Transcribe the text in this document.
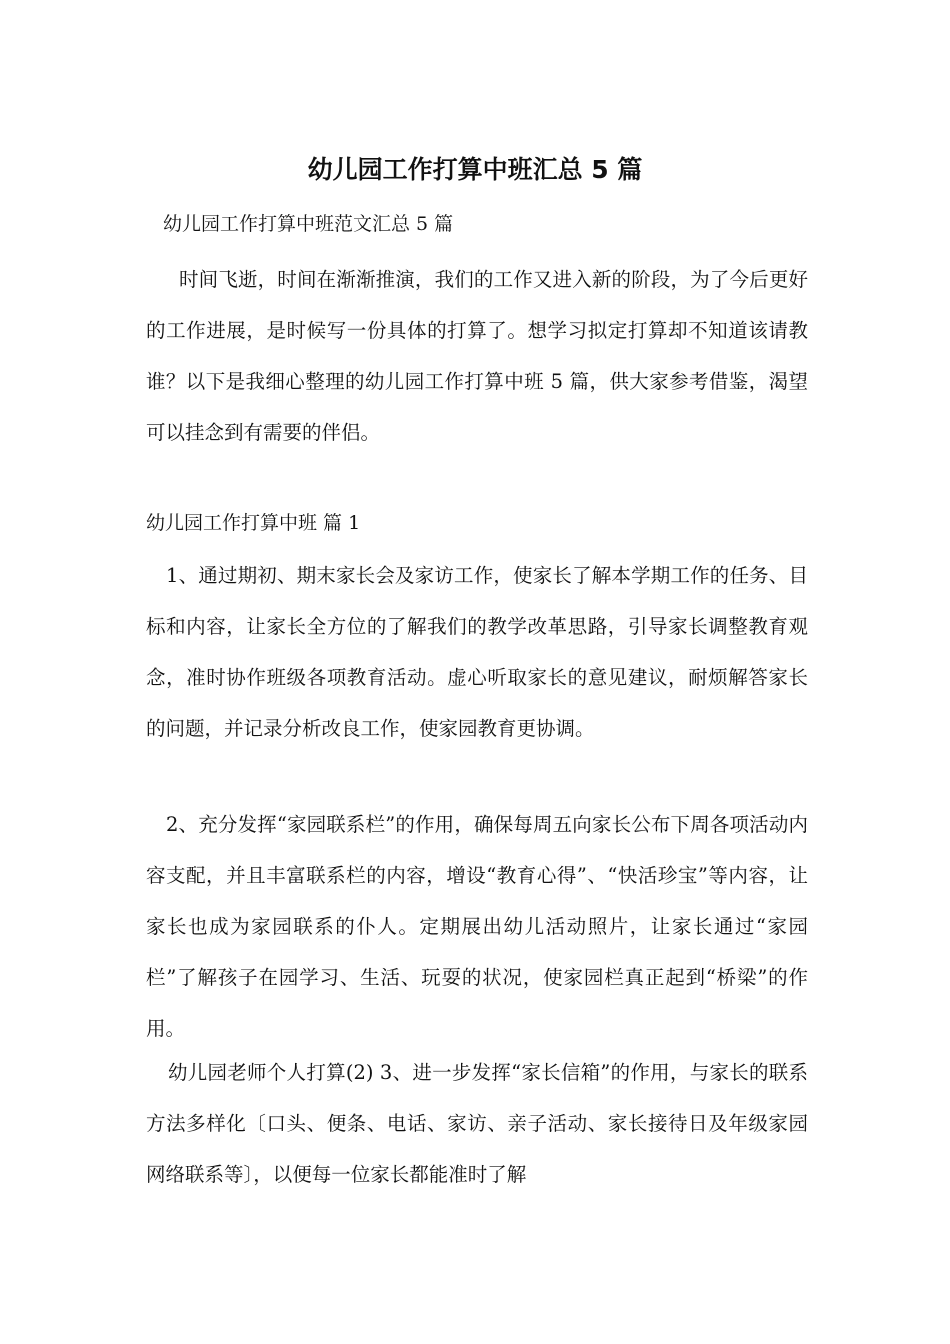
幼儿园工作打算中班汇总 5 篇

幼儿园工作打算中班范文汇总 5 篇

时间飞逝，时间在渐渐推演，我们的工作又进入新的阶段，为了今后更好的工作进展，是时候写一份具体的打算了。想学习拟定打算却不知道该请教谁？以下是我细心整理的幼儿园工作打算中班 5 篇，供大家参考借鉴，渴望可以挂念到有需要的伴侣。

幼儿园工作打算中班 篇 1

1、通过期初、期末家长会及家访工作，使家长了解本学期工作的任务、目标和内容，让家长全方位的了解我们的教学改革思路，引导家长调整教育观念，准时协作班级各项教育活动。虚心听取家长的意见建议，耐烦解答家长的问题，并记录分析改良工作，使家园教育更协调。

2、充分发挥“家园联系栏”的作用，确保每周五向家长公布下周各项活动内容支配，并且丰富联系栏的内容，增设“教育心得”、“快活珍宝”等内容，让家长也成为家园联系的仆人。定期展出幼儿活动照片，让家长通过“家园栏”了解孩子在园学习、生活、玩耍的状况，使家园栏真正起到“桥梁”的作用。

幼儿园老师个人打算(2) 3、进一步发挥“家长信箱”的作用，与家长的联系方法多样化〔口头、便条、电话、家访、亲子活动、家长接待日及年级家园网络联系等〕，以便每一位家长都能准时了解
